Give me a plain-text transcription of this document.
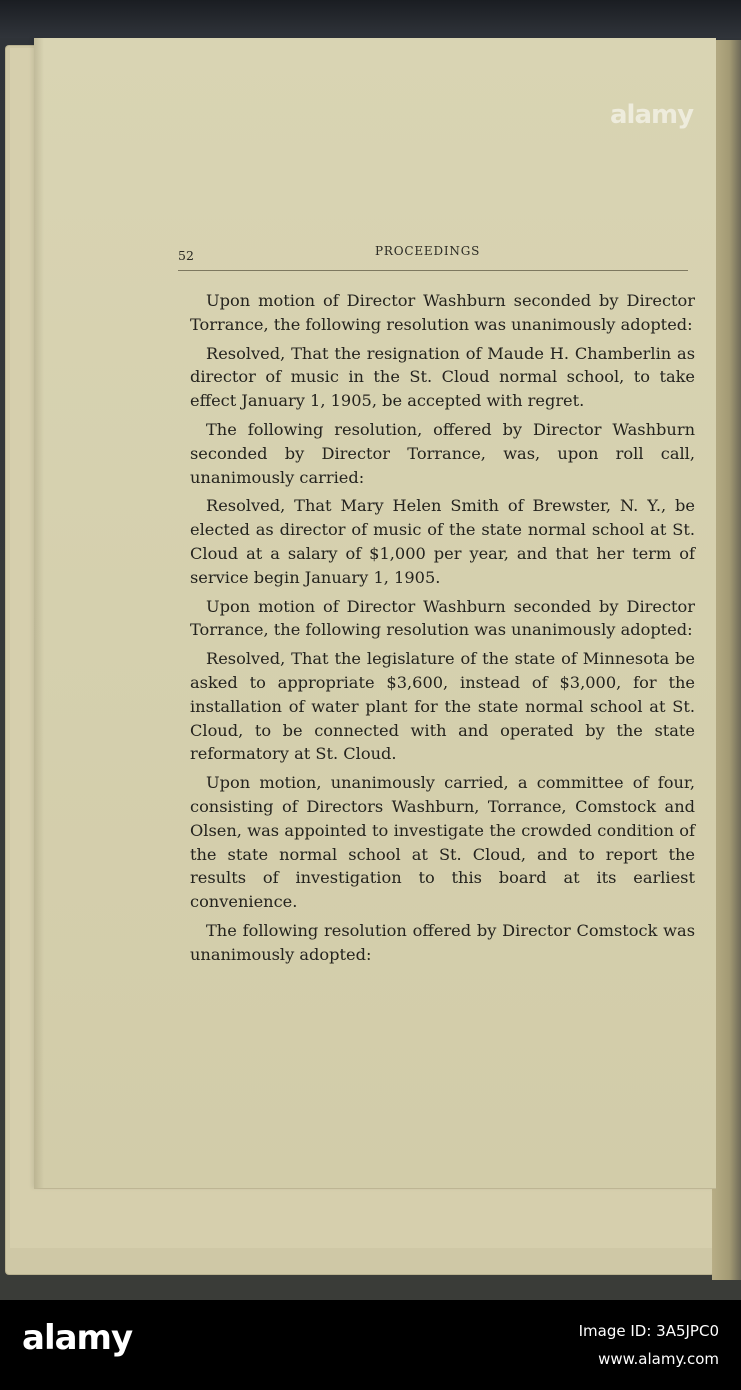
52	PROCEEDINGS

Upon motion of Director Washburn seconded by Director Torrance, the following resolution was unanimously adopted:

Resolved, That the resignation of Maude H. Chamberlin as director of music in the St. Cloud normal school, to take effect January 1, 1905, be accepted with regret.

The following resolution, offered by Director Washburn seconded by Director Torrance, was, upon roll call, unanimously carried:

Resolved, That Mary Helen Smith of Brewster, N. Y., be elected as director of music of the state normal school at St. Cloud at a salary of $1,000 per year, and that her term of service begin January 1, 1905.

Upon motion of Director Washburn seconded by Director Torrance, the following resolution was unanimously adopted:

Resolved, That the legislature of the state of Minnesota be asked to appropriate $3,600, instead of $3,000, for the installation of water plant for the state normal school at St. Cloud, to be connected with and operated by the state reformatory at St. Cloud.

Upon motion, unanimously carried, a committee of four, consisting of Directors Washburn, Torrance, Comstock and Olsen, was appointed to investigate the crowded condition of the state normal school at St. Cloud, and to report the results of investigation to this board at its earliest convenience.

The following resolution offered by Director Comstock was unanimously adopted:

alamy
alamy	Image ID: 3A5JPC0
www.alamy.com
